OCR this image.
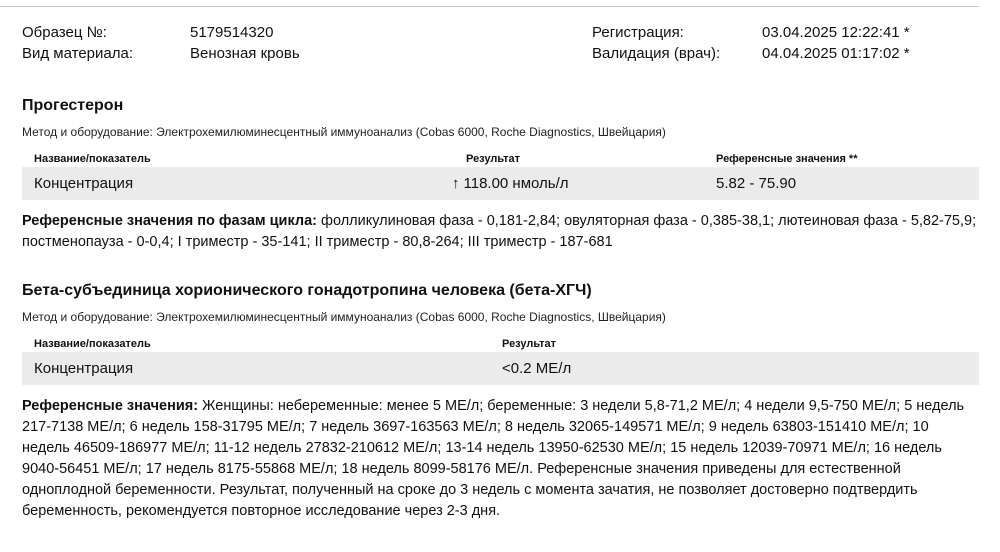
Образец №:	5179514320
Вид материала:	Венозная кровь
Регистрация:	03.04.2025 12:22:41 *
Валидация (врач):	04.04.2025 01:17:02 *
Прогестерон
Метод и оборудование: Электрохемилюминесцентный иммуноанализ (Cobas 6000, Roche Diagnostics, Швейцария)
Название/показатель	Результат	Референсные значения **
Концентрация	↑ 118.00 нмоль/л	5.82 - 75.90

Референсные значения по фазам цикла: фолликулиновая фаза - 0,181-2,84; овуляторная фаза - 0,385-38,1; лютеиновая фаза - 5,82-75,9; постменопауза - 0-0,4; I триместр - 35-141; II триместр - 80,8-264; III триместр - 187-681

Бета-субъединица хорионического гонадотропина человека (бета-ХГЧ)
Метод и оборудование: Электрохемилюминесцентный иммуноанализ (Cobas 6000, Roche Diagnostics, Швейцария)
Название/показатель	Результат
Концентрация	<0.2 МЕ/л

Референсные значения: Женщины: небеременные: менее 5 МЕ/л; беременные: 3 недели 5,8-71,2 МЕ/л; 4 недели 9,5-750 МЕ/л; 5 недель 217-7138 МЕ/л; 6 недель 158-31795 МЕ/л; 7 недель 3697-163563 МЕ/л; 8 недель 32065-149571 МЕ/л; 9 недель 63803-151410 МЕ/л; 10 недель 46509-186977 МЕ/л; 11-12 недель 27832-210612 МЕ/л; 13-14 недель 13950-62530 МЕ/л; 15 недель 12039-70971 МЕ/л; 16 недель 9040-56451 МЕ/л; 17 недель 8175-55868 МЕ/л; 18 недель 8099-58176 МЕ/л. Референсные значения приведены для естественной одноплодной беременности. Результат, полученный на сроке до 3 недель с момента зачатия, не позволяет достоверно подтвердить беременность, рекомендуется повторное исследование через 2-3 дня.
